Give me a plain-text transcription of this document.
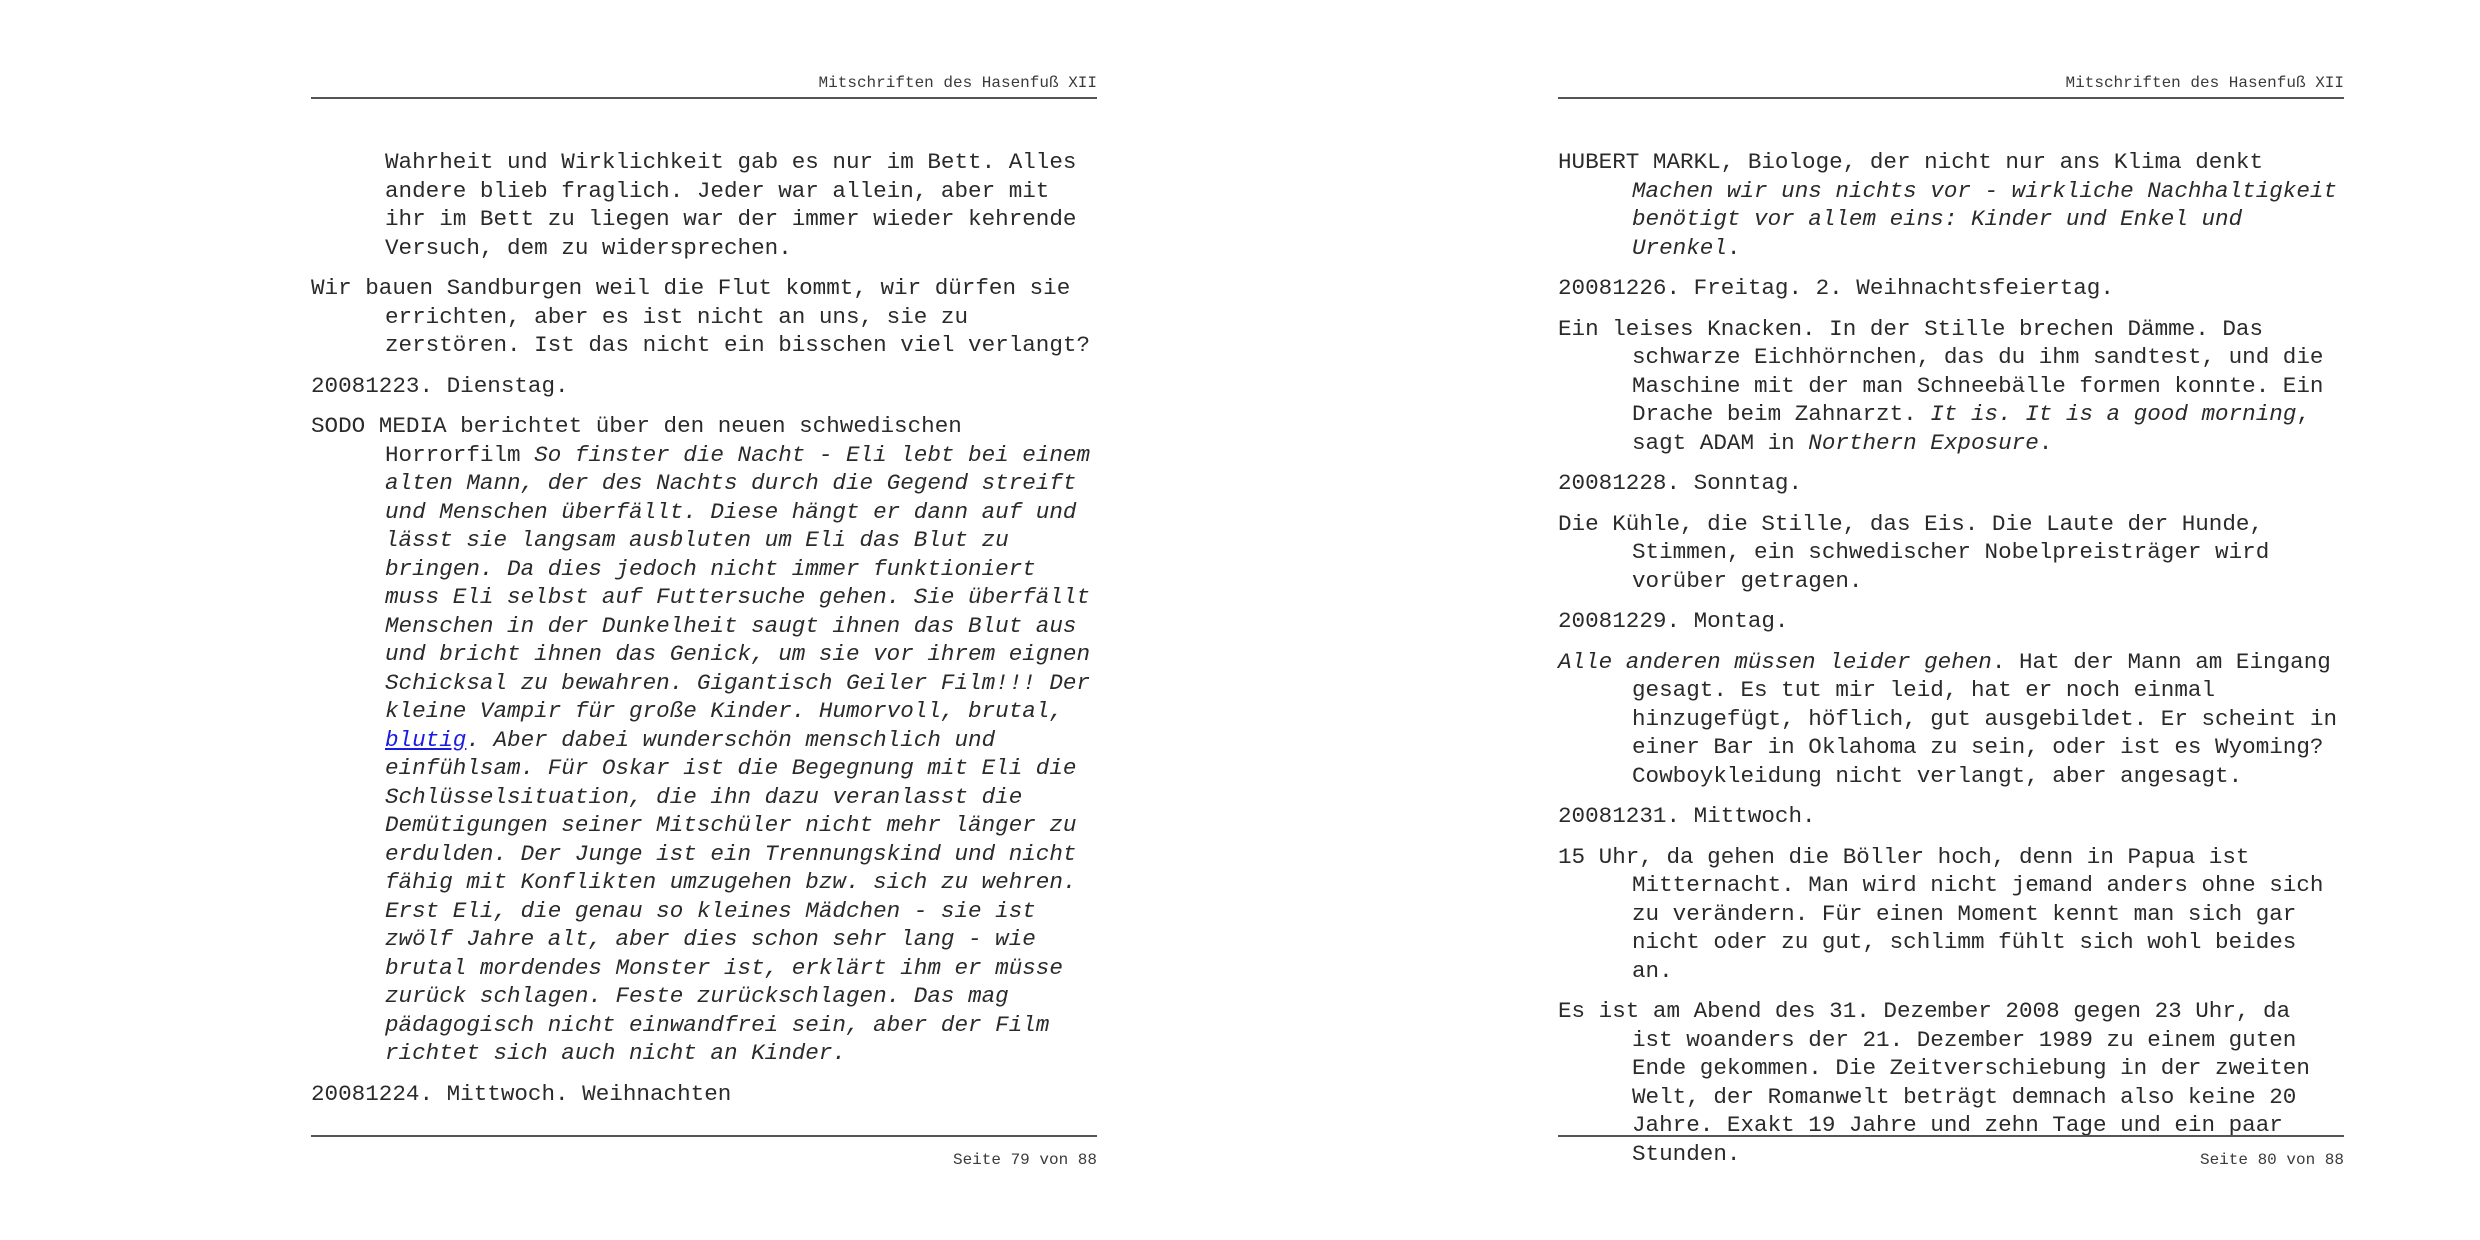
Mitschriften des Hasenfuß XII

Wahrheit und Wirklichkeit gab es nur im Bett. Alles andere blieb fraglich. Jeder war allein, aber mit ihr im Bett zu liegen war der immer wieder kehrende Versuch, dem zu widersprechen.

Wir bauen Sandburgen weil die Flut kommt, wir dürfen sie errichten, aber es ist nicht an uns, sie zu zerstören. Ist das nicht ein bisschen viel verlangt?

20081223. Dienstag.

SODO MEDIA berichtet über den neuen schwedischen Horrorfilm So finster die Nacht - Eli lebt bei einem alten Mann, der des Nachts durch die Gegend streift und Menschen überfällt. Diese hängt er dann auf und lässt sie langsam ausbluten um Eli das Blut zu bringen. Da dies jedoch nicht immer funktioniert muss Eli selbst auf Futtersuche gehen. Sie überfällt Menschen in der Dunkelheit saugt ihnen das Blut aus und bricht ihnen das Genick, um sie vor ihrem eignen Schicksal zu bewahren. Gigantisch Geiler Film!!! Der kleine Vampir für große Kinder. Humorvoll, brutal, blutig. Aber dabei wunderschön menschlich und einfühlsam. Für Oskar ist die Begegnung mit Eli die Schlüsselsituation, die ihn dazu veranlasst die Demütigungen seiner Mitschüler nicht mehr länger zu erdulden. Der Junge ist ein Trennungskind und nicht fähig mit Konflikten umzugehen bzw. sich zu wehren. Erst Eli, die genau so kleines Mädchen - sie ist zwölf Jahre alt, aber dies schon sehr lang - wie brutal mordendes Monster ist, erklärt ihm er müsse zurück schlagen. Feste zurückschlagen. Das mag pädagogisch nicht einwandfrei sein, aber der Film richtet sich auch nicht an Kinder.

20081224. Mittwoch. Weihnachten

Seite 79 von 88
Mitschriften des Hasenfuß XII

HUBERT MARKL, Biologe, der nicht nur ans Klima denkt Machen wir uns nichts vor - wirkliche Nachhaltigkeit benötigt vor allem eins: Kinder und Enkel und Urenkel.

20081226. Freitag. 2. Weihnachtsfeiertag.

Ein leises Knacken. In der Stille brechen Dämme. Das schwarze Eichhörnchen, das du ihm sandtest, und die Maschine mit der man Schneebälle formen konnte. Ein Drache beim Zahnarzt. It is. It is a good morning, sagt ADAM in Northern Exposure.

20081228. Sonntag.

Die Kühle, die Stille, das Eis. Die Laute der Hunde, Stimmen, ein schwedischer Nobelpreisträger wird vorüber getragen.

20081229. Montag.

Alle anderen müssen leider gehen. Hat der Mann am Eingang gesagt. Es tut mir leid, hat er noch einmal hinzugefügt, höflich, gut ausgebildet. Er scheint in einer Bar in Oklahoma zu sein, oder ist es Wyoming? Cowboykleidung nicht verlangt, aber angesagt.

20081231. Mittwoch.

15 Uhr, da gehen die Böller hoch, denn in Papua ist Mitternacht. Man wird nicht jemand anders ohne sich zu verändern. Für einen Moment kennt man sich gar nicht oder zu gut, schlimm fühlt sich wohl beides an.

Es ist am Abend des 31. Dezember 2008 gegen 23 Uhr, da ist woanders der 21. Dezember 1989 zu einem guten Ende gekommen. Die Zeitverschiebung in der zweiten Welt, der Romanwelt beträgt demnach also keine 20 Jahre. Exakt 19 Jahre und zehn Tage und ein paar Stunden.	Seite 80 von 88
